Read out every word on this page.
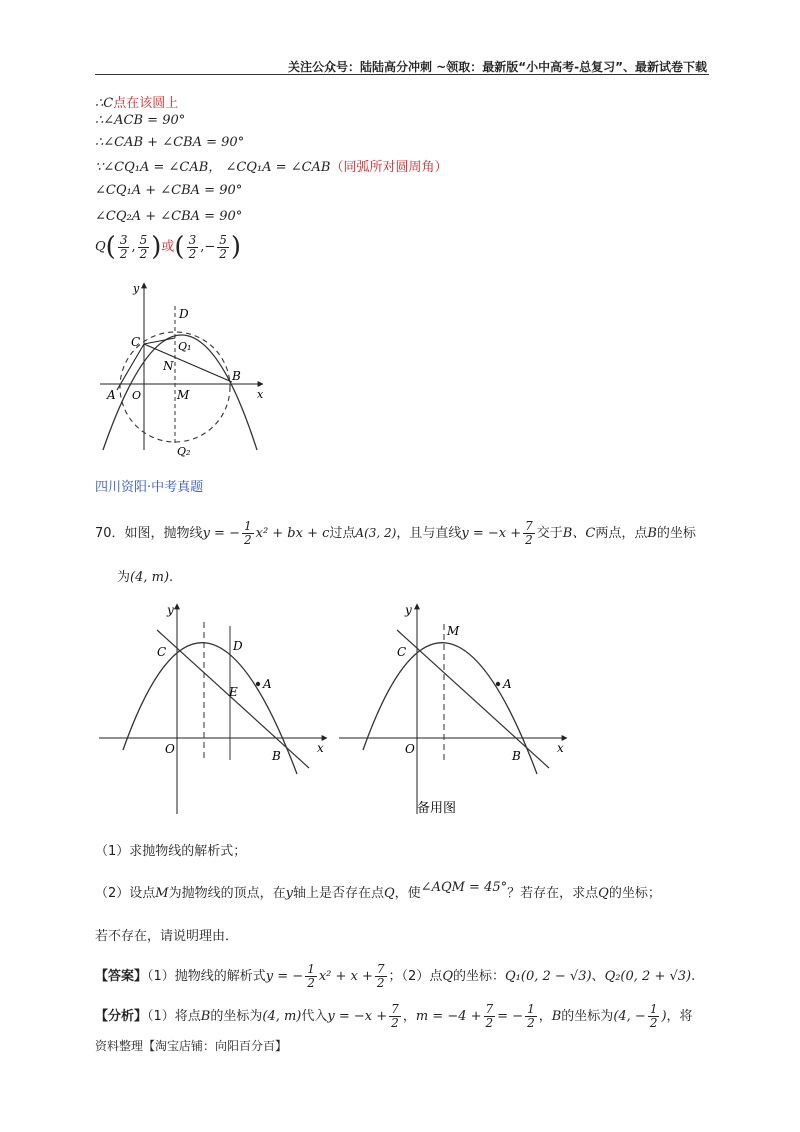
关注公众号：陆陆高分冲刺 ~领取：最新版“小中高考-总复习”、最新试卷下载
∴C点在该圆上
∴∠ACB = 90°
∴∠CAB + ∠CBA = 90°
∵∠CQ₁A = ∠CAB， ∠CQ₁A = ∠CAB（同弧所对圆周角）
∠CQ₁A + ∠CBA = 90°
∠CQ₂A + ∠CBA = 90°
$Q( \frac{3}{2}$ , $\frac{5}{2}$ )或( $\frac{3}{2}$ ,− $\frac{5}{2}$ )
y
x
D
C	Q₁
N
B
A O	M
Q₂
四川资阳·中考真题
70．如图，抛物线y = − $\frac{1}{2} x^2$ + bx + c过点A(3, 2)，且与直线$y = -x + \frac{7}{2}$ 交于B、C两点，点B的坐标
为(4, m).
y
x
C	D
E
A
O	B
y
x
C
M
A
O	B
备用图
（1）求抛物线的解析式；
（2）设点M为抛物线的顶点，在y轴上是否存在点Q，使∠AQM = 45°？若存在，求点Q的坐标；
若不存在，请说明理由．
【答案】（1）抛物线的解析式y = − $\frac{1}{2} x^2 + x + \frac{7}{2}$ ；（2）点Q的坐标：Q₁(0, 2 − √3)、Q₂(0, 2 + √3).
【分析】（1）将点B的坐标为(4, m)代入$y = -x + \frac{7}{2}$ ，$m = -4 + \frac{7}{2}$ = − $\frac{1}{2}$ ，B的坐标为(4, − $\frac{1}{2}$ )，将
资料整理【淘宝店铺：向阳百分百】
